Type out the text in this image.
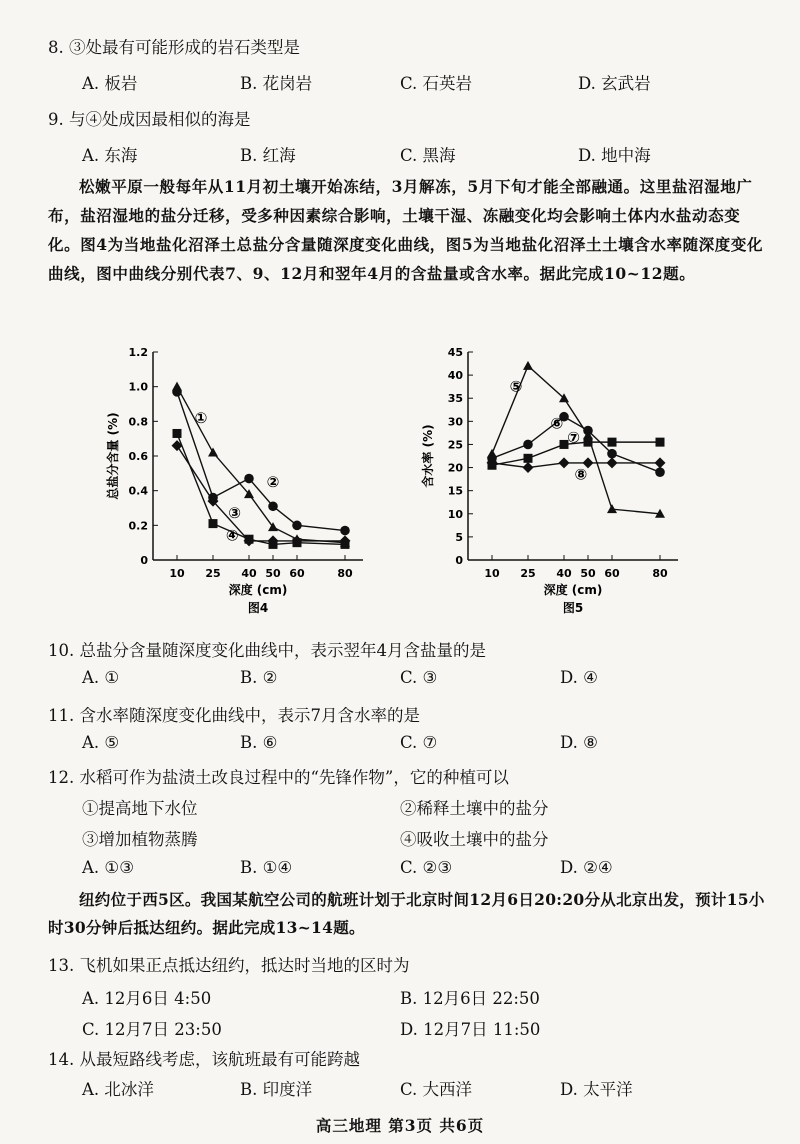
8. ③处最有可能形成的岩石类型是
A. 板岩	B. 花岗岩	C. 石英岩	D. 玄武岩
9. 与④处成因最相似的海是
A. 东海	B. 红海	C. 黑海	D. 地中海
松嫩平原一般每年从11月初土壤开始冻结，3月解冻，5月下旬才能全部融通。这里盐沼湿地广布，盐沼湿地的盐分迁移，受多种因素综合影响，土壤干湿、冻融变化均会影响土体内水盐动态变化。图4为当地盐化沼泽土总盐分含量随深度变化曲线，图5为当地盐化沼泽土土壤含水率随深度变化曲线，图中曲线分别代表7、9、12月和翌年4月的含盐量或含水率。据此完成10~12题。
0
0.2
0.4
0.6
0.8
1.0
1.2
10 25 40 50 60	80
深度 (cm)
图4
总盐分含量 (%)	①
②
③
④
0
5
10
15
20
25
30
35
40
45
10 25 40 50 60	80
深度 (cm)
图5
含水率 (%)
⑤
⑥
⑦
⑧
10. 总盐分含量随深度变化曲线中，表示翌年4月含盐量的是
A. ①	B. ②	C. ③	D. ④
11. 含水率随深度变化曲线中，表示7月含水率的是
A. ⑤	B. ⑥	C. ⑦	D. ⑧
12. 水稻可作为盐渍土改良过程中的“先锋作物”，它的种植可以
①提高地下水位	②稀释土壤中的盐分
③增加植物蒸腾	④吸收土壤中的盐分
A. ①③	B. ①④	C. ②③	D. ②④
纽约位于西5区。我国某航空公司的航班计划于北京时间12月6日20:20分从北京出发，预计15小时30分钟后抵达纽约。据此完成13~14题。
13. 飞机如果正点抵达纽约，抵达时当地的区时为
A. 12月6日 4:50	B. 12月6日 22:50
C. 12月7日 23:50	D. 12月7日 11:50
14. 从最短路线考虑，该航班最有可能跨越
A. 北冰洋	B. 印度洋	C. 大西洋	D. 太平洋
高三地理 第3页 共6页
